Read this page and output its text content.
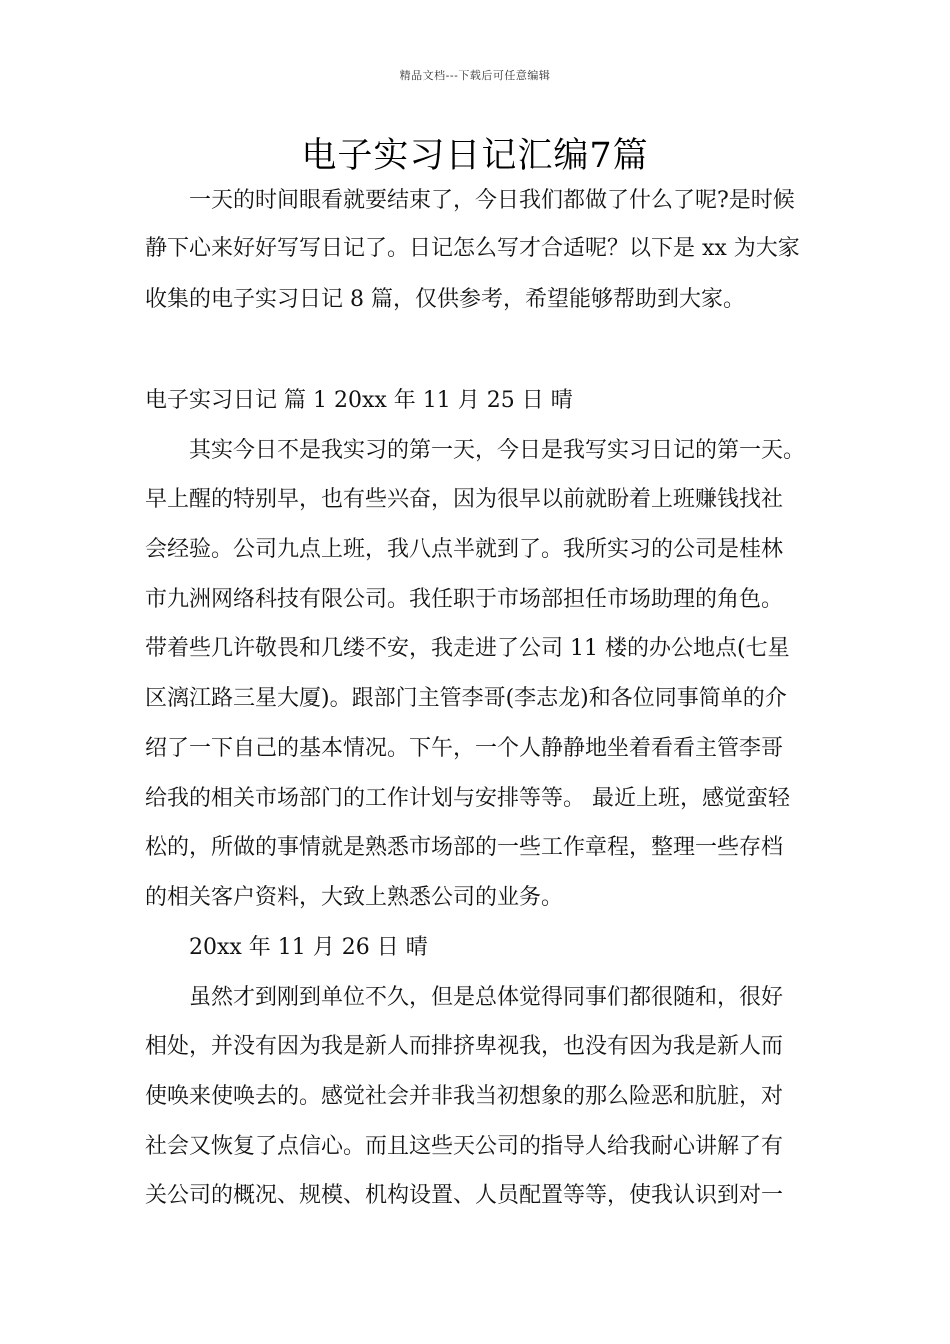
精品文档---下载后可任意编辑
电子实习日记汇编7篇
一天的时间眼看就要结束了，今日我们都做了什么了呢?是时候
静下心来好好写写日记了。日记怎么写才合适呢？以下是 xx 为大家
收集的电子实习日记 8 篇，仅供参考，希望能够帮助到大家。
电子实习日记 篇 1 20xx 年 11 月 25 日 晴
其实今日不是我实习的第一天，今日是我写实习日记的第一天。
早上醒的特别早，也有些兴奋，因为很早以前就盼着上班赚钱找社
会经验。公司九点上班，我八点半就到了。我所实习的公司是桂林
市九洲网络科技有限公司。我任职于市场部担任市场助理的角色。
带着些几许敬畏和几缕不安，我走进了公司 11 楼的办公地点(七星
区漓江路三星大厦)。跟部门主管李哥(李志龙)和各位同事简单的介
绍了一下自己的基本情况。下午，一个人静静地坐着看看主管李哥
给我的相关市场部门的工作计划与安排等等。 最近上班，感觉蛮轻
松的，所做的事情就是熟悉市场部的一些工作章程，整理一些存档
的相关客户资料，大致上熟悉公司的业务。
20xx 年 11 月 26 日 晴
虽然才到刚到单位不久，但是总体觉得同事们都很随和，很好
相处，并没有因为我是新人而排挤卑视我，也没有因为我是新人而
使唤来使唤去的。感觉社会并非我当初想象的那么险恶和肮脏，对
社会又恢复了点信心。而且这些天公司的指导人给我耐心讲解了有
关公司的概况、规模、机构设置、人员配置等等，使我认识到对一
